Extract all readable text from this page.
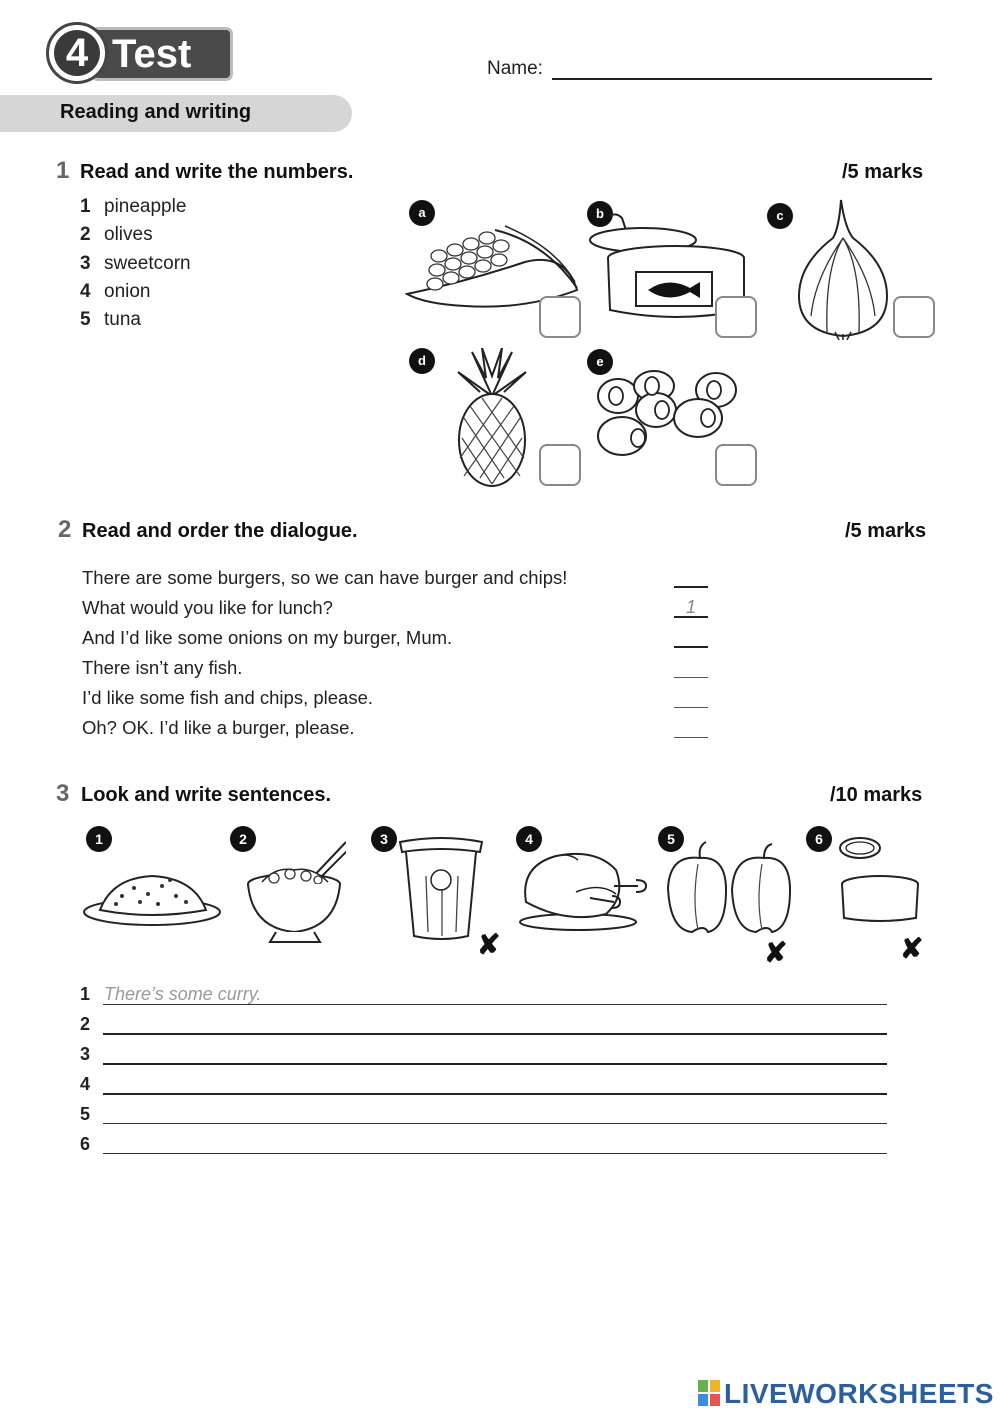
Test
4	Name:
Reading and writing
1 Read and write the numbers.	/5 marks
1 pineapple
2 olives
3 sweetcorn
4 onion
5 tuna
a	b	c
d	e
2 Read and order the dialogue.	/5 marks
There are some burgers, so we can have burger and chips!
What would you like for lunch?	1
And I’d like some onions on my burger, Mum.
There isn’t any fish.
I’d like some fish and chips, please.
Oh? OK. I’d like a burger, please.
3 Look and write sentences.	/10 marks
1	2	3
✘
4	5
✘
6
✘
1 There’s some curry.
2
3
4
5
6
LIVEWORKSHEETS
